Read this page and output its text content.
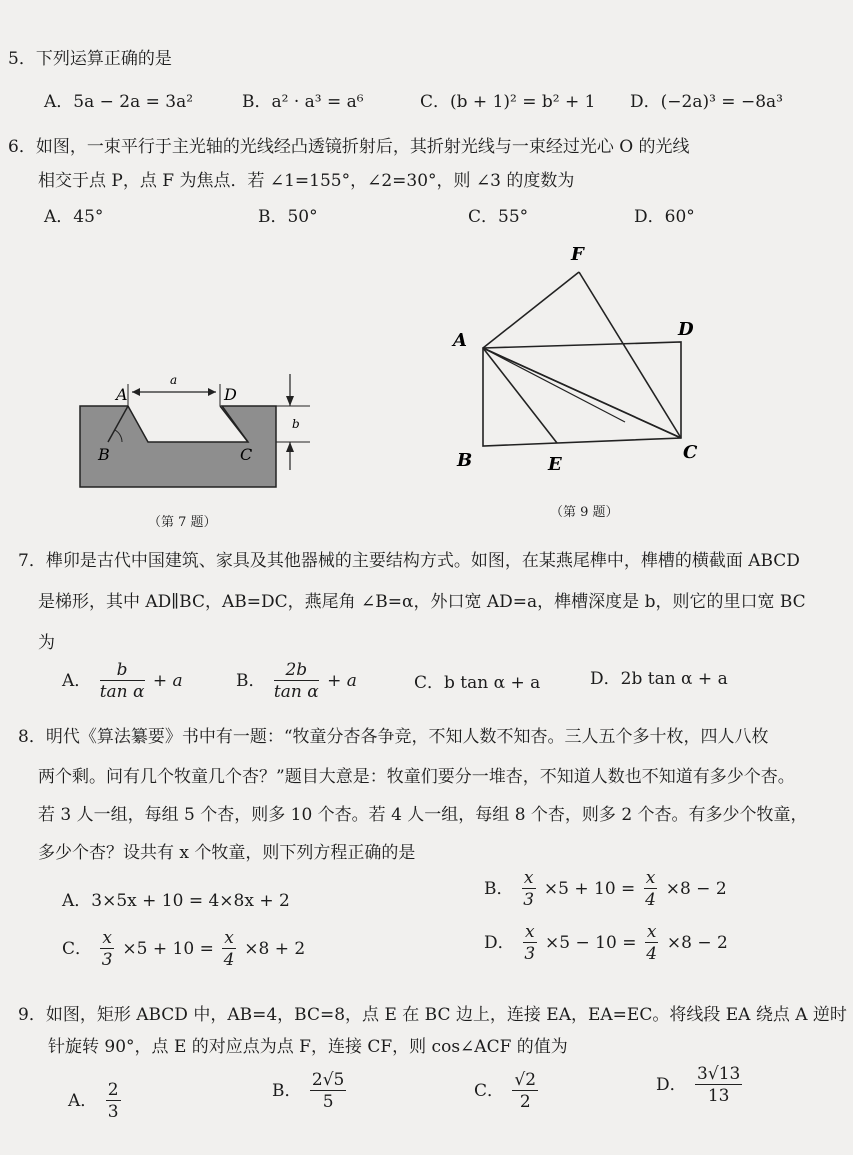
5．下列运算正确的是
A．5a − 2a = 3a²	B．a² · a³ = a⁶	C．(b + 1)² = b² + 1 D．(−2a)³ = −8a³
6．如图，一束平行于主光轴的光线经凸透镜折射后，其折射光线与一束经过光心 O 的光线
相交于点 P，点 F 为焦点．若 ∠1=155°，∠2=30°，则 ∠3 的度数为
A．45°	B．50°	C．55°	D．60°
A	D
B	C
a
b
（第 7 题）
F
A
D
B	E
C
（第 9 题）
7．榫卯是古代中国建筑、家具及其他器械的主要结构方式。如图，在某燕尾榫中，榫槽的横截面 ABCD
是梯形，其中 AD∥BC，AB=DC，燕尾角 ∠B=α，外口宽 AD=a，榫槽深度是 b，则它的里口宽 BC
为
A． $\frac{b}{\text{tan α}} + a$	B． $\frac{2b}{\text{tan α}} + a$	C．b tan α + a	D．2b tan α + a
8．明代《算法纂要》书中有一题：“牧童分杏各争竞，不知人数不知杏。三人五个多十枚，四人八枚
两个剩。问有几个牧童几个杏？”题目大意是：牧童们要分一堆杏，不知道人数也不知道有多少个杏。
若 3 人一组，每组 5 个杏，则多 10 个杏。若 4 人一组，每组 8 个杏，则多 2 个杏。有多少个牧童，
多少个杏？设共有 x 个牧童，则下列方程正确的是
A．3×5x + 10 = 4×8x + 2
B． $\frac{x}{3} \times 5 + 10 = \frac{x}{4} \times 8 - 2$
C． $\frac{x}{3} \times 5 + 10 = \frac{x}{4} \times 8 + 2$	D． $\frac{x}{3} \times 5 - 10 = \frac{x}{4} \times 8 - 2$
9．如图，矩形 ABCD 中，AB=4，BC=8，点 E 在 BC 边上，连接 EA，EA=EC。将线段 EA 绕点 A 逆时
针旋转 90°，点 E 的对应点为点 F，连接 CF，则 cos∠ACF 的值为
A． $\frac{2}{3}$	B． $\frac{2√5}{5}$	C． $\frac{√2}{2}$	D． $\frac{3√13}{13}$
